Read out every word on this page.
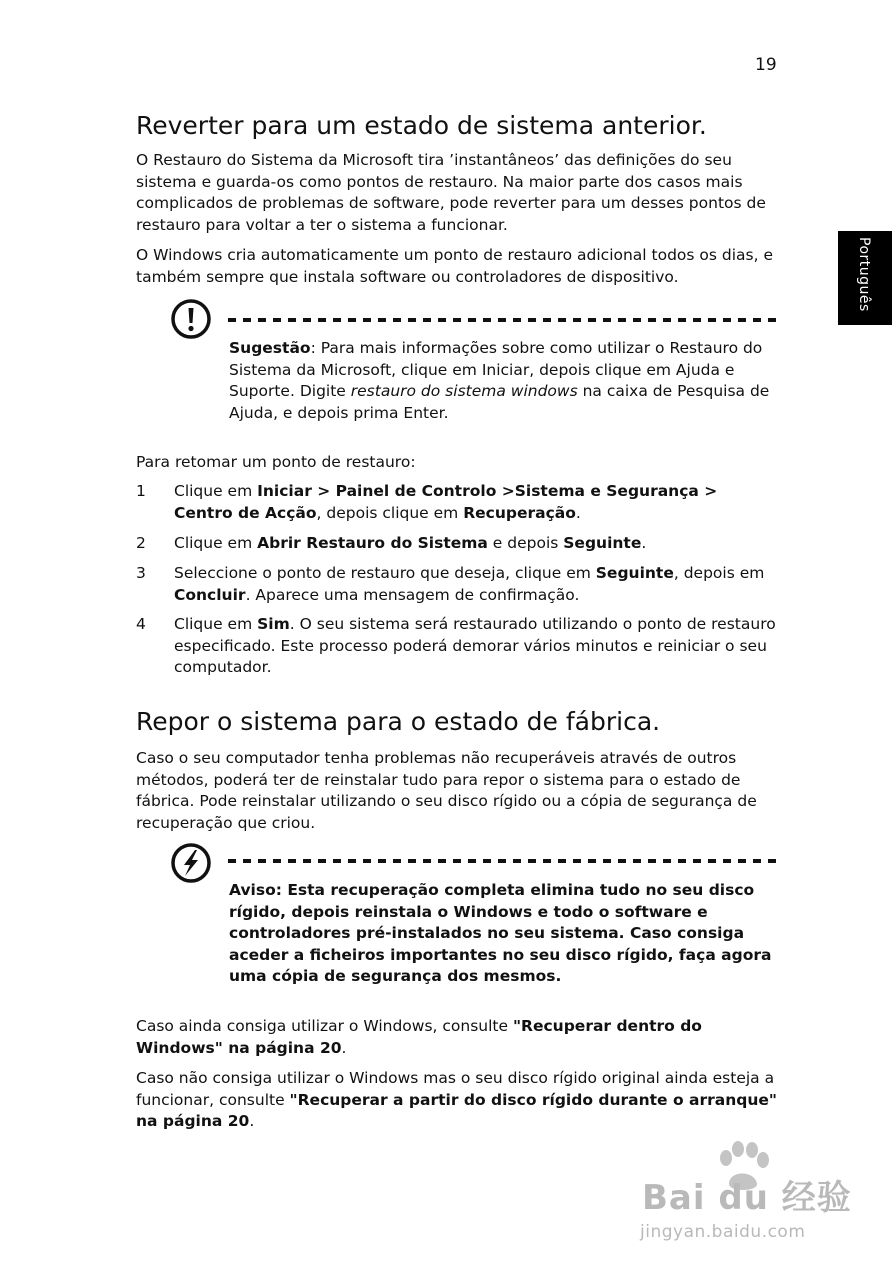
19
Português
Reverter para um estado de sistema anterior.

O Restauro do Sistema da Microsoft tira ’instantâneos’ das definições do seu sistema e guarda-os como pontos de restauro. Na maior parte dos casos mais complicados de problemas de software, pode reverter para um desses pontos de restauro para voltar a ter o sistema a funcionar.

O Windows cria automaticamente um ponto de restauro adicional todos os dias, e também sempre que instala software ou controladores de dispositivo.

Sugestão: Para mais informações sobre como utilizar o Restauro do Sistema da Microsoft, clique em Iniciar, depois clique em Ajuda e Suporte. Digite restauro do sistema windows na caixa de Pesquisa de Ajuda, e depois prima Enter.

Para retomar um ponto de restauro:

1	Clique em Iniciar > Painel de Controlo >Sistema e Segurança > Centro de Acção, depois clique em Recuperação.
2	Clique em Abrir Restauro do Sistema e depois Seguinte.
3	Seleccione o ponto de restauro que deseja, clique em Seguinte, depois em Concluir. Aparece uma mensagem de confirmação.
4	Clique em Sim. O seu sistema será restaurado utilizando o ponto de restauro especificado. Este processo poderá demorar vários minutos e reiniciar o seu computador.
Repor o sistema para o estado de fábrica.

Caso o seu computador tenha problemas não recuperáveis através de outros métodos, poderá ter de reinstalar tudo para repor o sistema para o estado de fábrica. Pode reinstalar utilizando o seu disco rígido ou a cópia de segurança de recuperação que criou.

Aviso: Esta recuperação completa elimina tudo no seu disco rígido, depois reinstala o Windows e todo o software e controladores pré-instalados no seu sistema. Caso consiga aceder a ficheiros importantes no seu disco rígido, faça agora uma cópia de segurança dos mesmos.

Caso ainda consiga utilizar o Windows, consulte "Recuperar dentro do Windows" na página 20.

Caso não consiga utilizar o Windows mas o seu disco rígido original ainda esteja a funcionar, consulte "Recuperar a partir do disco rígido durante o arranque" na página 20.

Bai du 经验
jingyan.baidu.com
